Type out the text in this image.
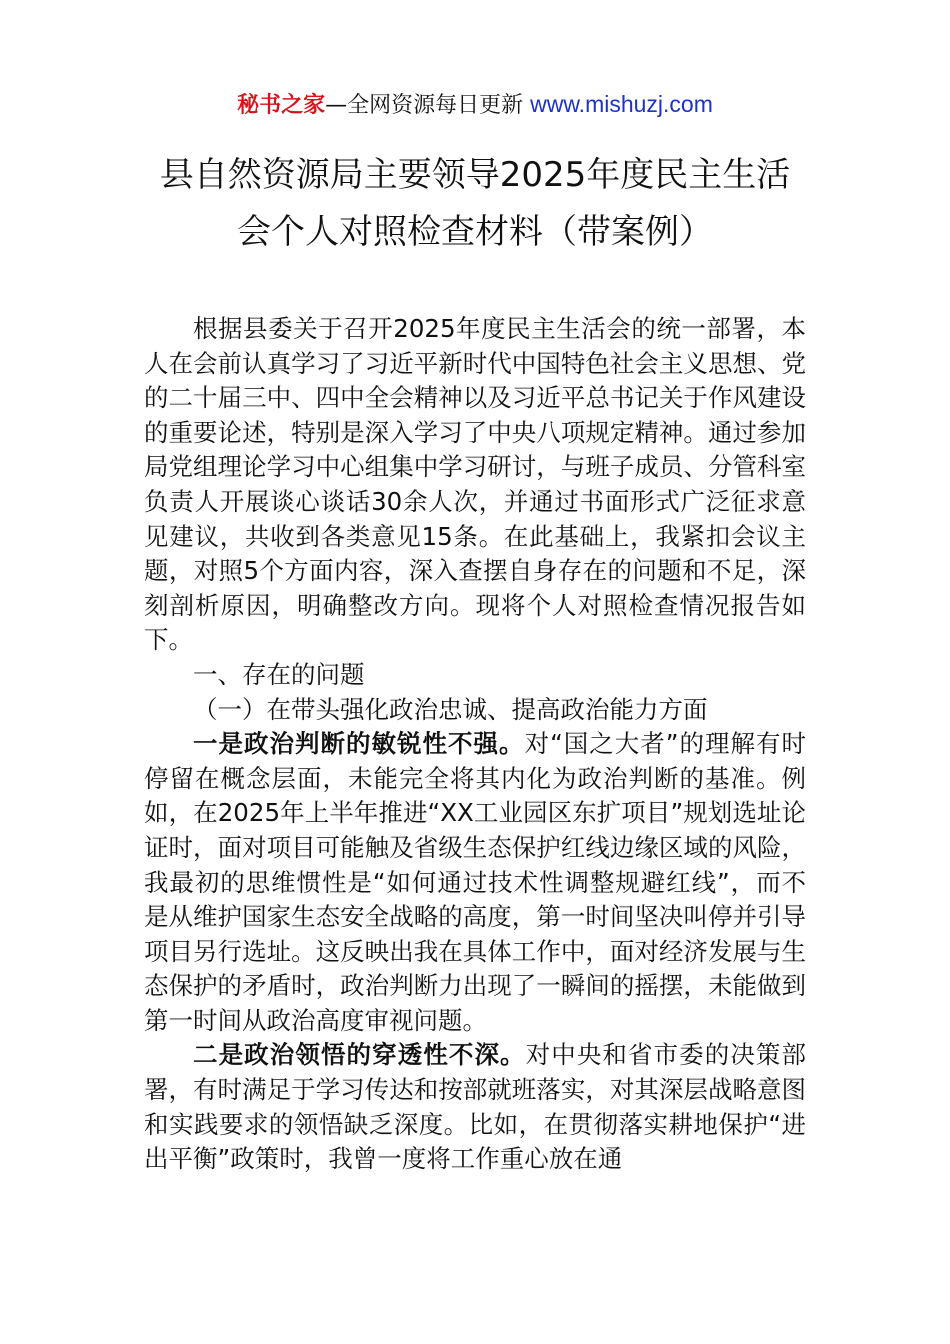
秘书之家—全网资源每日更新 www.mishuzj.com
县自然资源局主要领导2025年度民主生活
会个人对照检查材料（带案例）

根据县委关于召开2025年度民主生活会的统一部署，本人在会前认真学习了习近平新时代中国特色社会主义思想、党的二十届三中、四中全会精神以及习近平总书记关于作风建设的重要论述，特别是深入学习了中央八项规定精神。通过参加局党组理论学习中心组集中学习研讨，与班子成员、分管科室负责人开展谈心谈话30余人次，并通过书面形式广泛征求意见建议，共收到各类意见15条。在此基础上，我紧扣会议主题，对照5个方面内容，深入查摆自身存在的问题和不足，深刻剖析原因，明确整改方向。现将个人对照检查情况报告如下。

一、存在的问题

（一）在带头强化政治忠诚、提高政治能力方面

一是政治判断的敏锐性不强。对“国之大者”的理解有时停留在概念层面，未能完全将其内化为政治判断的基准。例如，在2025年上半年推进“XX工业园区东扩项目”规划选址论证时，面对项目可能触及省级生态保护红线边缘区域的风险，我最初的思维惯性是“如何通过技术性调整规避红线”，而不是从维护国家生态安全战略的高度，第一时间坚决叫停并引导项目另行选址。这反映出我在具体工作中，面对经济发展与生态保护的矛盾时，政治判断力出现了一瞬间的摇摆，未能做到第一时间从政治高度审视问题。

二是政治领悟的穿透性不深。对中央和省市委的决策部署，有时满足于学习传达和按部就班落实，对其深层战略意图和实践要求的领悟缺乏深度。比如，在贯彻落实耕地保护“进出平衡”政策时，我曾一度将工作重心放在通
